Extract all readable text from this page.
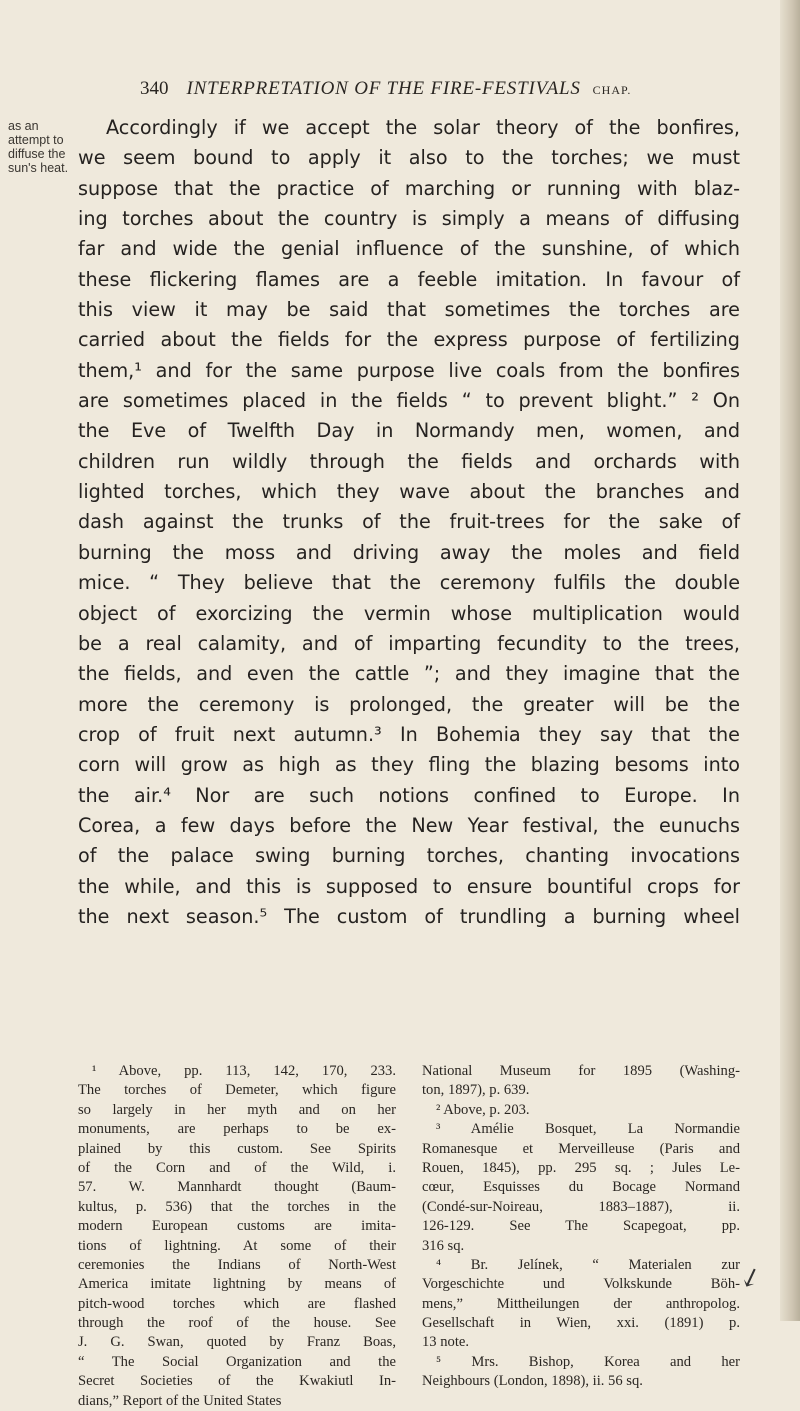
340 INTERPRETATION OF THE FIRE-FESTIVALS CHAP.
as an
attempt to
diffuse the
sun's heat.
Accordingly if we accept the solar theory of the bonfires,
we seem bound to apply it also to the torches; we must
suppose that the practice of marching or running with blaz-
ing torches about the country is simply a means of diffusing
far and wide the genial influence of the sunshine, of which
these flickering flames are a feeble imitation. In favour of
this view it may be said that sometimes the torches are
carried about the fields for the express purpose of fertilizing
them,¹ and for the same purpose live coals from the bonfires
are sometimes placed in the fields “ to prevent blight.” ² On
the Eve of Twelfth Day in Normandy men, women, and
children run wildly through the fields and orchards with
lighted torches, which they wave about the branches and
dash against the trunks of the fruit-trees for the sake of
burning the moss and driving away the moles and field
mice. “ They believe that the ceremony fulfils the double
object of exorcizing the vermin whose multiplication would
be a real calamity, and of imparting fecundity to the trees,
the fields, and even the cattle ”; and they imagine that the
more the ceremony is prolonged, the greater will be the
crop of fruit next autumn.³ In Bohemia they say that the
corn will grow as high as they fling the blazing besoms into
the air.⁴ Nor are such notions confined to Europe. In
Corea, a few days before the New Year festival, the eunuchs
of the palace swing burning torches, chanting invocations
the while, and this is supposed to ensure bountiful crops for
the next season.⁵ The custom of trundling a burning wheel
¹ Above, pp. 113, 142, 170, 233.
The torches of Demeter, which figure
so largely in her myth and on her
monuments, are perhaps to be ex-
plained by this custom. See Spirits
of the Corn and of the Wild, i.
57. W. Mannhardt thought (Baum-
kultus, p. 536) that the torches in the
modern European customs are imita-
tions of lightning. At some of their
ceremonies the Indians of North-West
America imitate lightning by means of
pitch-wood torches which are flashed
through the roof of the house. See
J. G. Swan, quoted by Franz Boas,
“ The Social Organization and the
Secret Societies of the Kwakiutl In-
dians,” Report of the United States
National Museum for 1895 (Washing-
ton, 1897), p. 639.
² Above, p. 203.
³ Amélie Bosquet, La Normandie
Romanesque et Merveilleuse (Paris and
Rouen, 1845), pp. 295 sq. ; Jules Le-
cœur, Esquisses du Bocage Normand
(Condé-sur-Noireau, 1883–1887), ii.
126-129. See The Scapegoat, pp.
316 sq.
⁴ Br. Jelínek, “ Materialen zur
Vorgeschichte und Volkskunde Böh-
mens,” Mittheilungen der anthropolog.
Gesellschaft in Wien, xxi. (1891) p.
13 note.
⁵ Mrs. Bishop, Korea and her
Neighbours (London, 1898), ii. 56 sq.
↙
